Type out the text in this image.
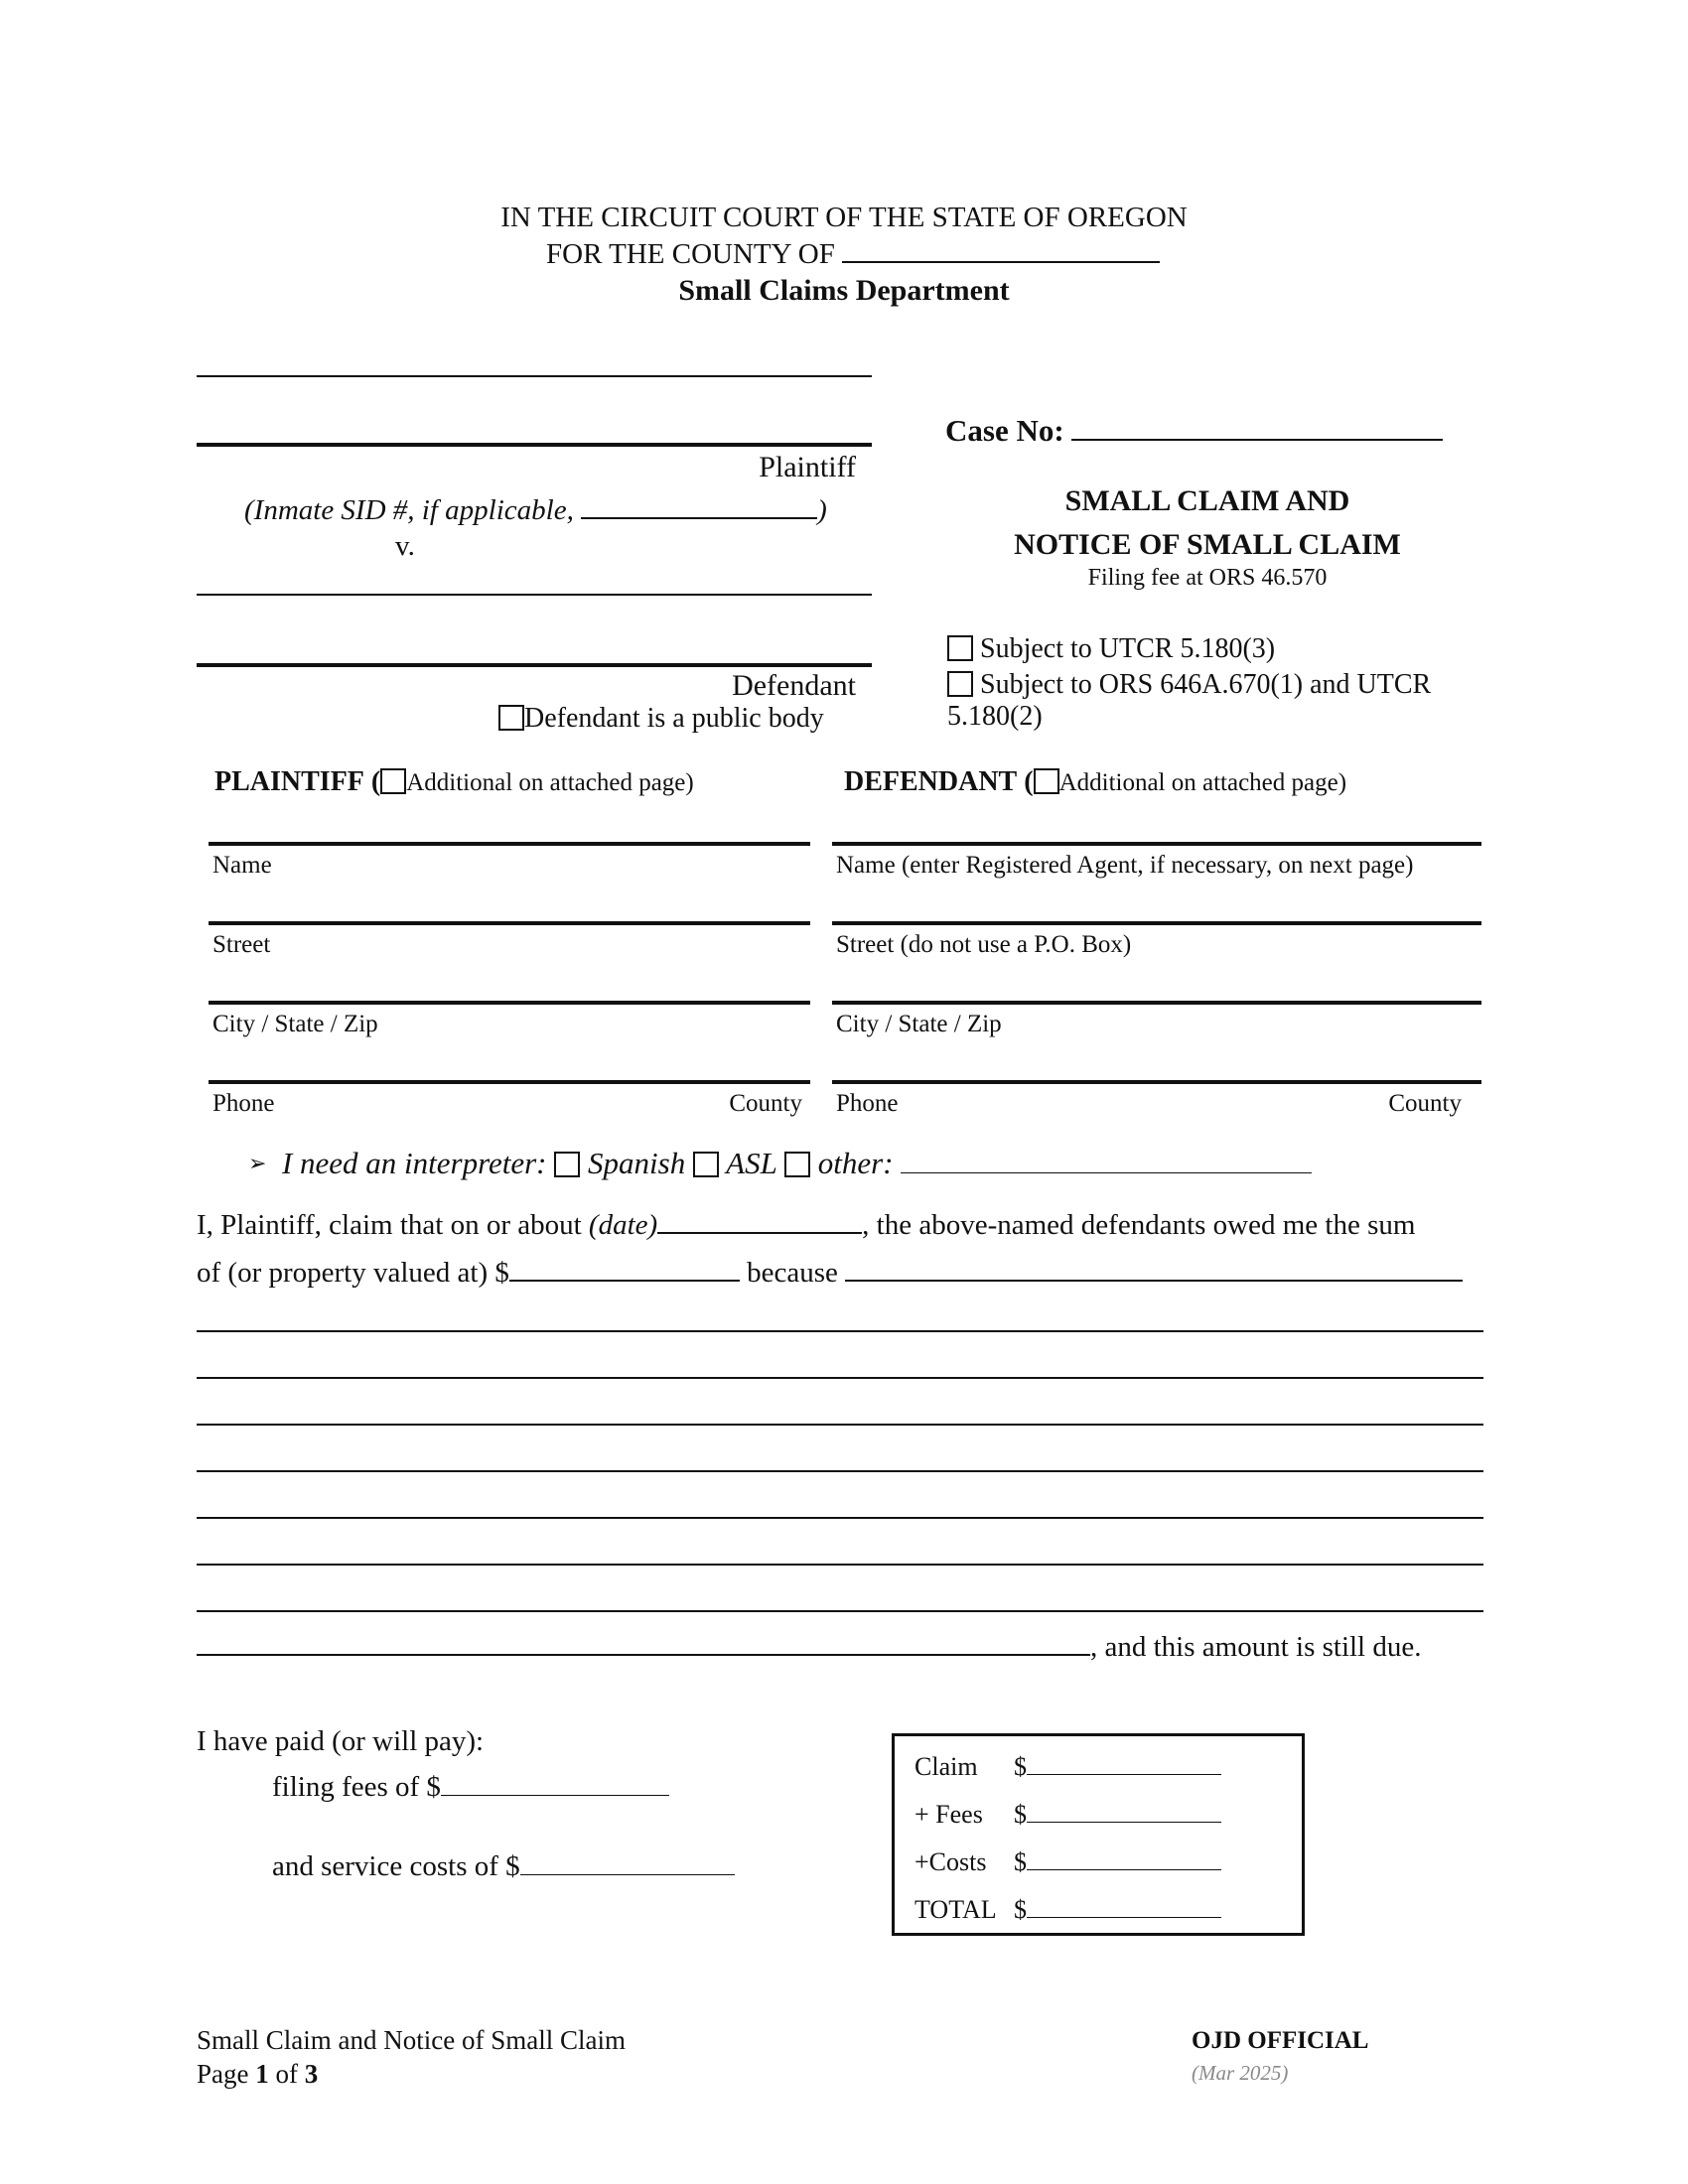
IN THE CIRCUIT COURT OF THE STATE OF OREGON
FOR THE COUNTY OF
Small Claims Department
Plaintiff
(Inmate SID #, if applicable,	)
v.
Defendant
Defendant is a public body
Case No:
SMALL CLAIM AND
NOTICE OF SMALL CLAIM
Filing fee at ORS 46.570
Subject to UTCR 5.180(3)
Subject to ORS 646A.670(1) and UTCR
5.180(2)
PLAINTIFF ( Additional on attached page)	DEFENDANT ( Additional on attached page)
Name
Street
City / State / Zip
Phone	County
Name (enter Registered Agent, if necessary, on next page)
Street (do not use a P.O. Box)
City / State / Zip
Phone	County
➢ I need an interpreter: Spanish ASL other:
I, Plaintiff, claim that on or about (date)	, the above-named defendants owed me the sum
of (or property valued at) $	because
, and this amount is still due.
I have paid (or will pay):
filing fees of $
and service costs of $
Claim $
+ Fees $
+Costs $
TOTAL $
Small Claim and Notice of Small Claim
Page 1 of 3
OJD OFFICIAL
(Mar 2025)
